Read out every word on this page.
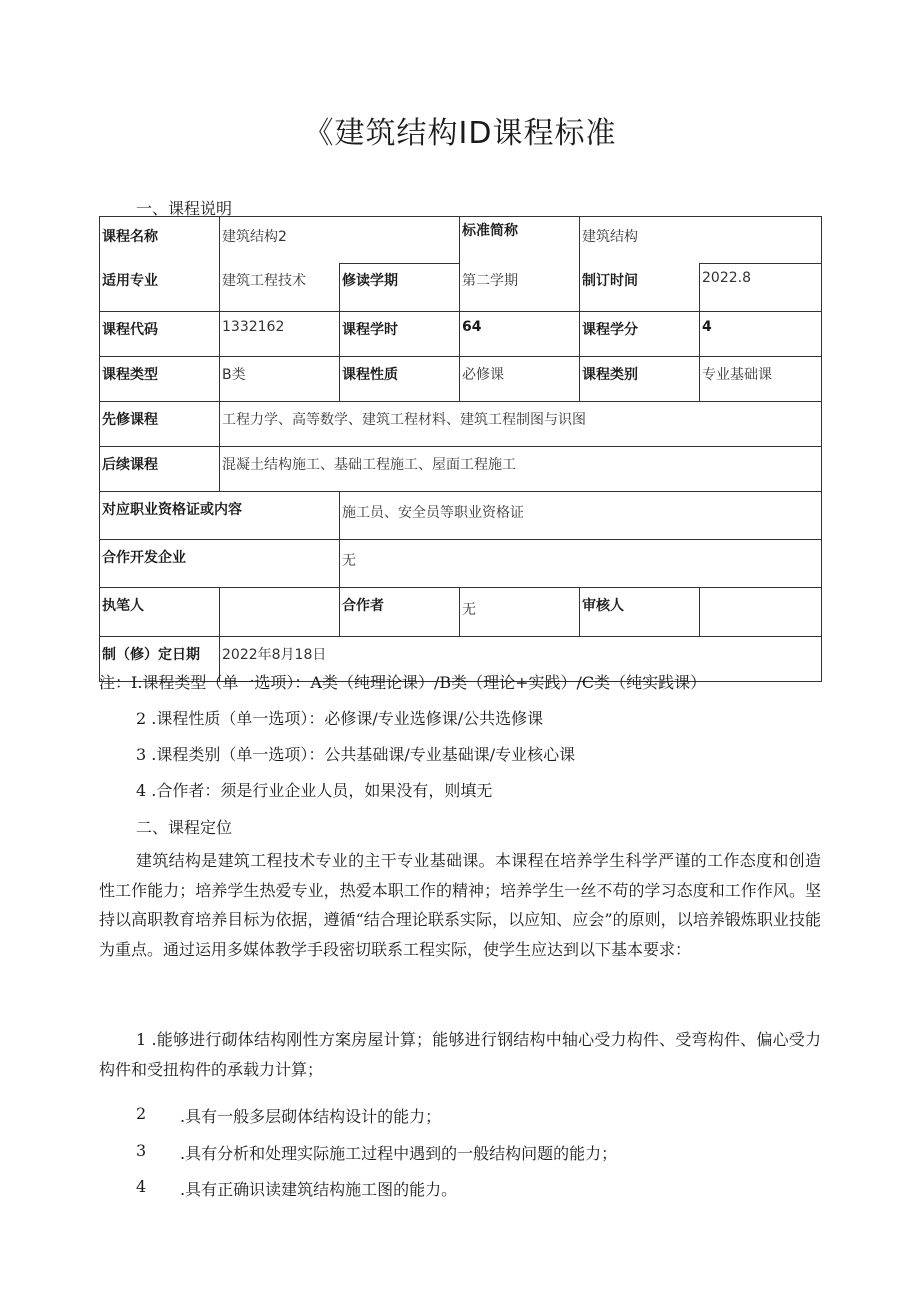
《建筑结构ID课程标准
一、课程说明
课程名称	建筑结构2		标准简称	建筑结构	
适用专业	建筑工程技术	修读学期	第二学期	制订时间	2022.8
课程代码	1332162	课程学时	64	课程学分	4
课程类型	B类	课程性质	必修课	课程类别	专业基础课
先修课程	工程力学、高等数学、建筑工程材料、建筑工程制图与识图				
后续课程	混凝土结构施工、基础工程施工、屋面工程施工				
对应职业资格证或内容		施工员、安全员等职业资格证			
合作开发企业		无			
执笔人		合作者	无	审核人	
制（修）定日期	2022年8月18日				
注：I.课程类型（单一选项）：A类（纯理论课）/B类（理论+实践）/C类（纯实践课）
2 .课程性质（单一选项）：必修课/专业选修课/公共选修课
3 .课程类别（单一选项）：公共基础课/专业基础课/专业核心课
4 .合作者：须是行业企业人员，如果没有，则填无
二、课程定位
建筑结构是建筑工程技术专业的主干专业基础课。本课程在培养学生科学严谨的工作态度和创造性工作能力；培养学生热爱专业，热爱本职工作的精神；培养学生一丝不苟的学习态度和工作作风。坚持以高职教育培养目标为依据，遵循“结合理论联系实际，以应知、应会”的原则，以培养锻炼职业技能为重点。通过运用多媒体教学手段密切联系工程实际，使学生应达到以下基本要求：
1 .能够进行砌体结构刚性方案房屋计算；能够进行钢结构中轴心受力构件、受弯构件、偏心受力构件和受扭构件的承载力计算；
2 .具有一般多层砌体结构设计的能力；
3 .具有分析和处理实际施工过程中遇到的一般结构问题的能力；
4 .具有正确识读建筑结构施工图的能力。
